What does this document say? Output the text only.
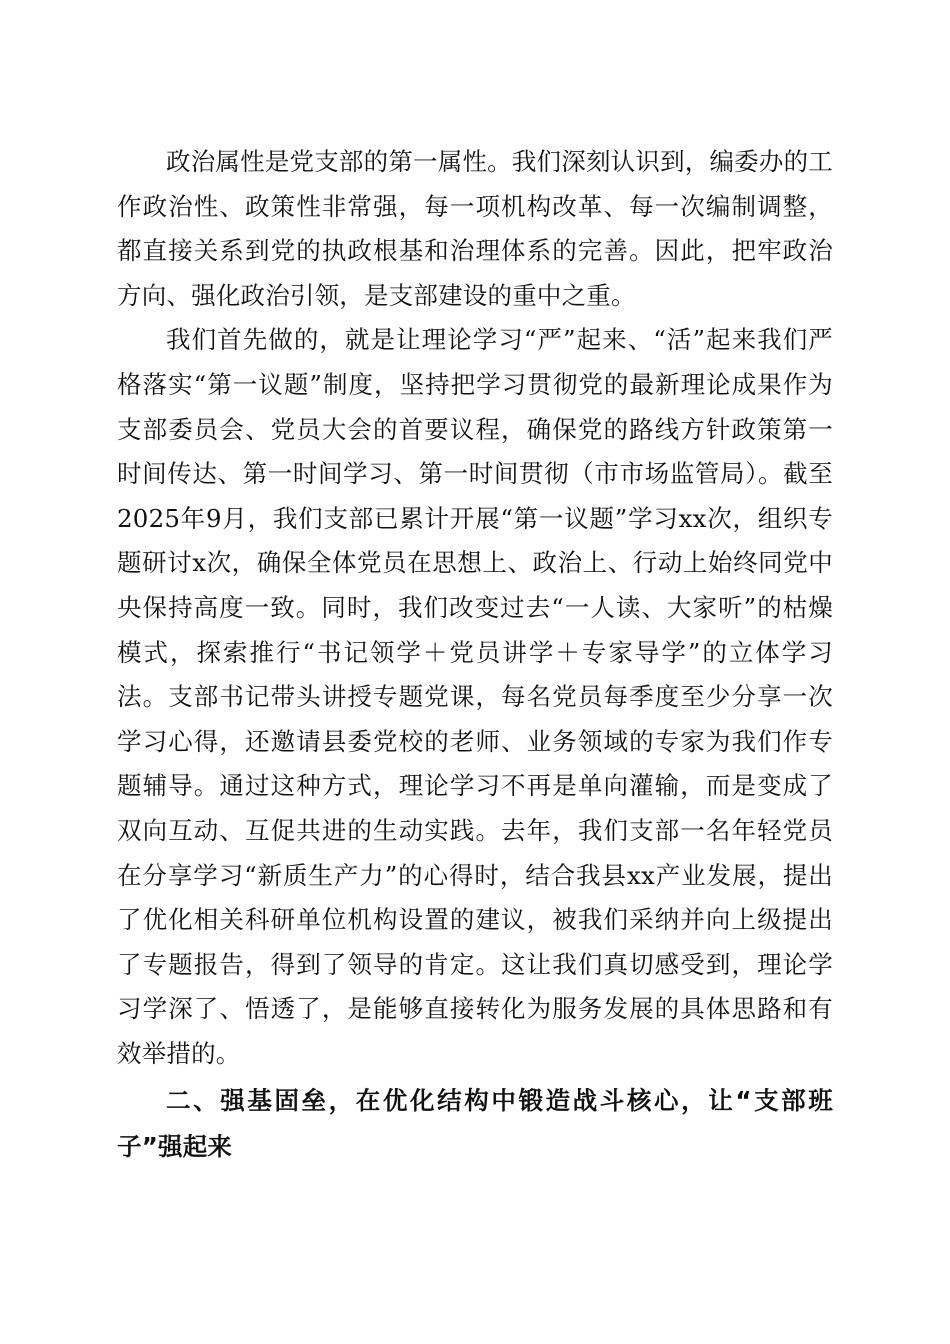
政治属性是党支部的第一属性。我们深刻认识到，编委办的工作政治性、政策性非常强，每一项机构改革、每一次编制调整，都直接关系到党的执政根基和治理体系的完善。因此，把牢政治方向、强化政治引领，是支部建设的重中之重。

我们首先做的，就是让理论学习“严”起来、“活”起来我们严格落实“第一议题”制度，坚持把学习贯彻党的最新理论成果作为支部委员会、党员大会的首要议程，确保党的路线方针政策第一时间传达、第一时间学习、第一时间贯彻（市市场监管局）。截至2025年9月，我们支部已累计开展“第一议题”学习xx次，组织专题研讨x次，确保全体党员在思想上、政治上、行动上始终同党中央保持高度一致。同时，我们改变过去“一人读、大家听”的枯燥模式，探索推行“书记领学＋党员讲学＋专家导学”的立体学习法。支部书记带头讲授专题党课，每名党员每季度至少分享一次学习心得，还邀请县委党校的老师、业务领域的专家为我们作专题辅导。通过这种方式，理论学习不再是单向灌输，而是变成了双向互动、互促共进的生动实践。去年，我们支部一名年轻党员在分享学习“新质生产力”的心得时，结合我县xx产业发展，提出了优化相关科研单位机构设置的建议，被我们采纳并向上级提出了专题报告，得到了领导的肯定。这让我们真切感受到，理论学习学深了、悟透了，是能够直接转化为服务发展的具体思路和有效举措的。

二、强基固垒，在优化结构中锻造战斗核心，让“支部班子”强起来
